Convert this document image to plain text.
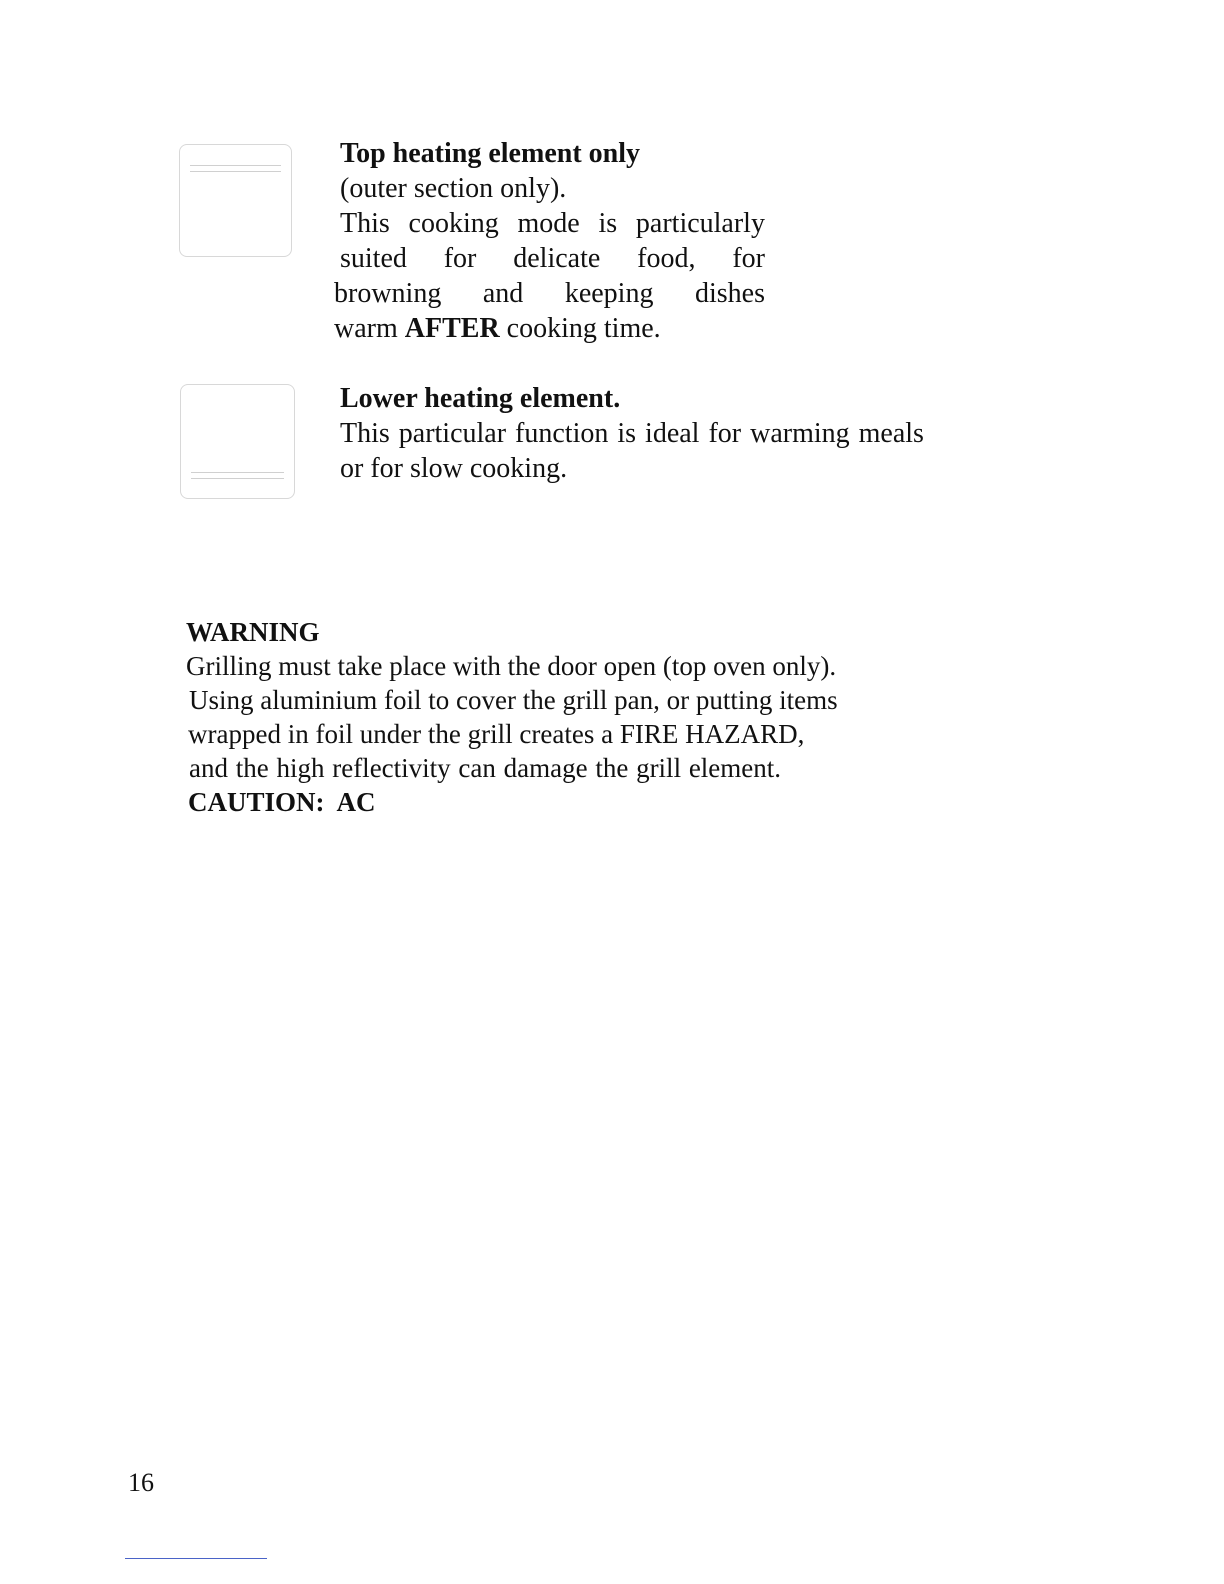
Top heating element only
(outer section only).
This cooking mode is particularly
suited for delicate food, for
browning and keeping dishes
warm AFTER cooking time.
Lower heating element.
This particular function is ideal for warming meals
or for slow cooking.
WARNING
Grilling must take place with the door open (top oven only).
Using aluminium foil to cover the grill pan, or putting items
wrapped in foil under the grill creates a FIRE HAZARD,
and the high reflectivity can damage the grill element.
CAUTION:  AC
16
